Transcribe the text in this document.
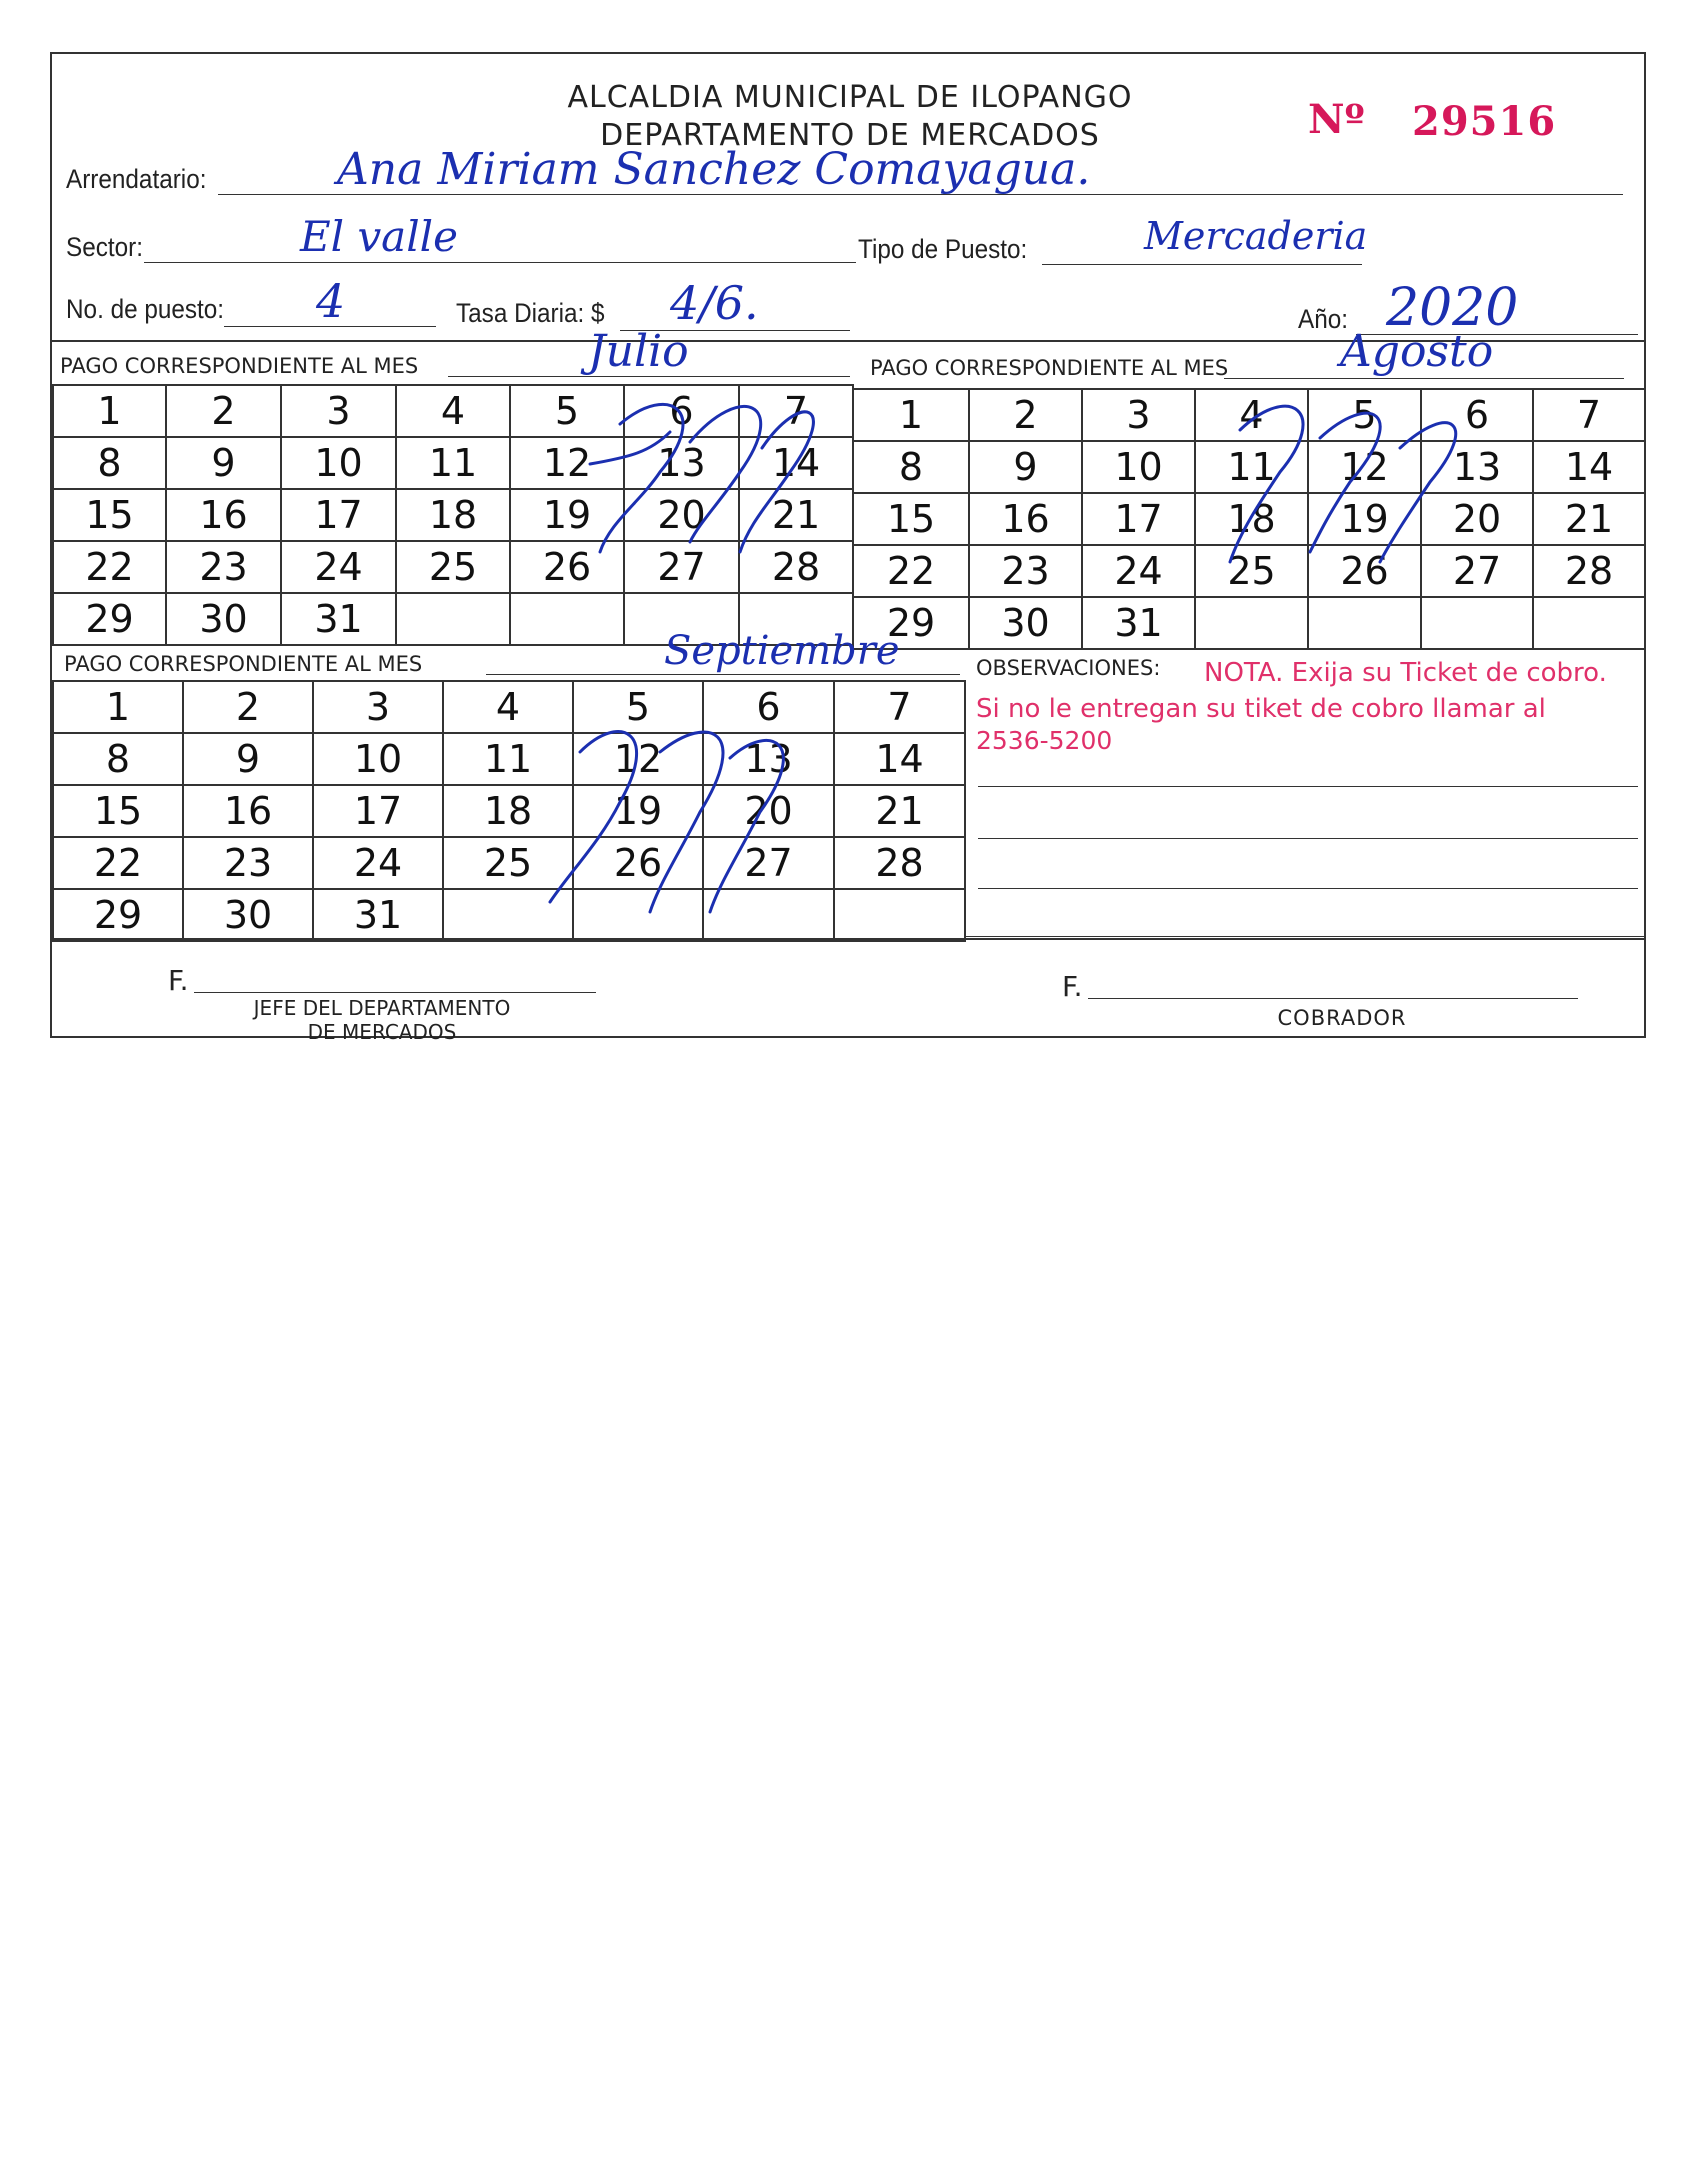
ALCALDIA MUNICIPAL DE ILOPANGO
DEPARTAMENTO DE MERCADOS	Nº 29516
Arrendatario:	Ana Miriam Sanchez Comayagua.
Sector:	El valle	Tipo de Puesto:	Mercaderia
No. de puesto: 4	Tasa Diaria: $ 4/6.	Año: 2020
PAGO CORRESPONDIENTE AL MES	Julio	PAGO CORRESPONDIENTE AL MES	Agosto
1	2	3	4	5	6	7
8	9	10	11	12	13	14
15	16	17	18	19	20	21
22	23	24	25	26	27	28
29	30	31				
1	2	3	4	5	6	7
8	9	10	11	12	13	14
15	16	17	18	19	20	21
22	23	24	25	26	27	28
29	30	31				
PAGO CORRESPONDIENTE AL MES	Septiembre
1	2	3	4	5	6	7
8	9	10	11	12	13	14
15	16	17	18	19	20	21
22	23	24	25	26	27	28
29	30	31				
OBSERVACIONES: NOTA. Exija su Ticket de cobro.
Si no le entregan su tiket de cobro llamar al
2536-5200
F.
JEFE DEL DEPARTAMENTO
DE MERCADOS
F.
COBRADOR
